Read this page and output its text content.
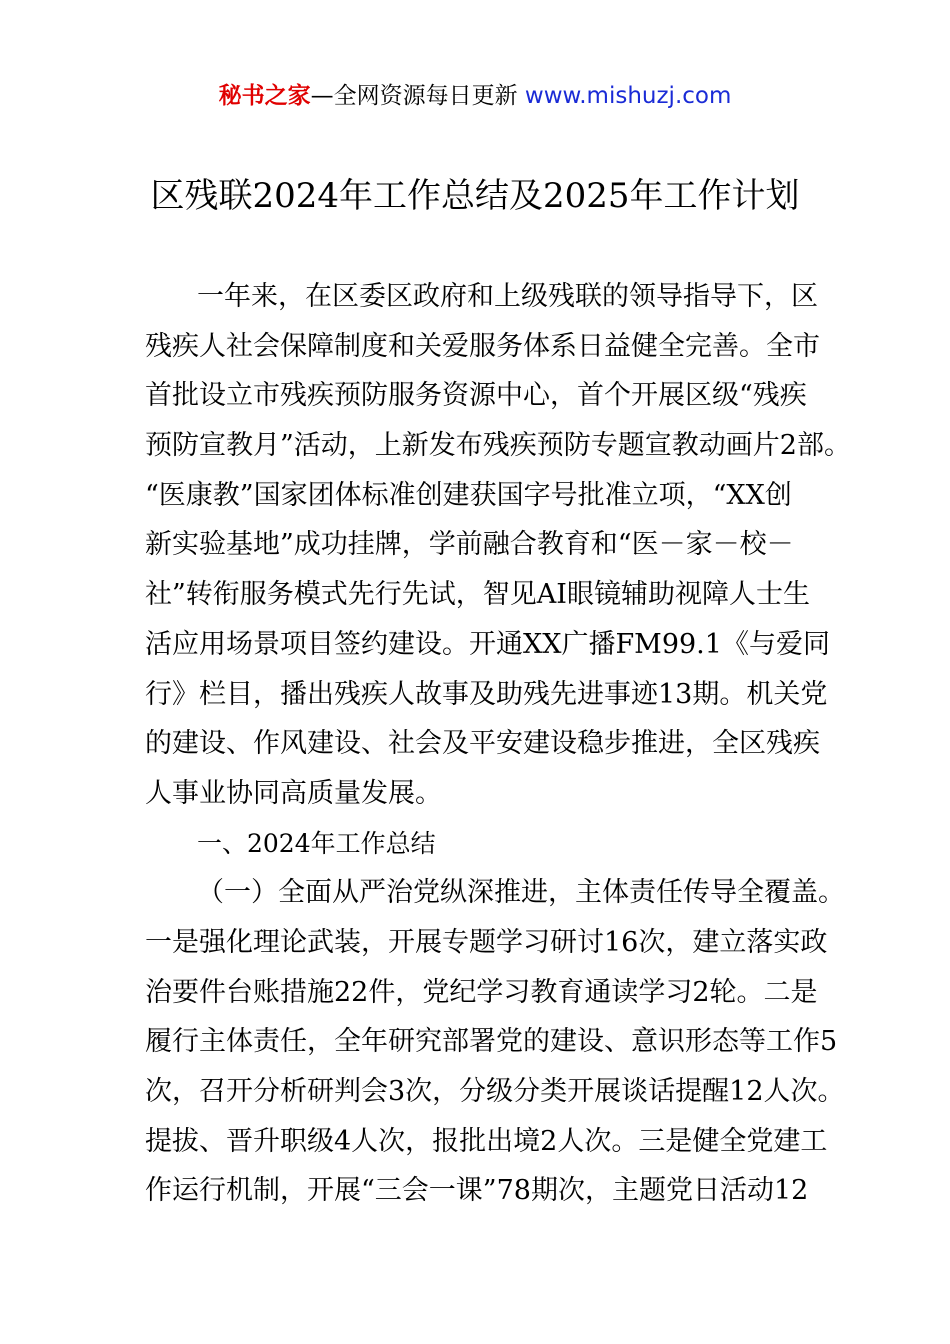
秘书之家—全网资源每日更新 www.mishuzj.com
区残联2024年工作总结及2025年工作计划
一年来，在区委区政府和上级残联的领导指导下，区
残疾人社会保障制度和关爱服务体系日益健全完善。全市
首批设立市残疾预防服务资源中心，首个开展区级“残疾
预防宣教月”活动，上新发布残疾预防专题宣教动画片2部。
“医康教”国家团体标准创建获国字号批准立项，“XX创
新实验基地”成功挂牌，学前融合教育和“医－家－校－
社”转衔服务模式先行先试，智见AI眼镜辅助视障人士生
活应用场景项目签约建设。开通XX广播FM99.1《与爱同
行》栏目，播出残疾人故事及助残先进事迹13期。机关党
的建设、作风建设、社会及平安建设稳步推进，全区残疾
人事业协同高质量发展。
一、2024年工作总结
（一）全面从严治党纵深推进，主体责任传导全覆盖。
一是强化理论武装，开展专题学习研讨16次，建立落实政
治要件台账措施22件，党纪学习教育通读学习2轮。二是
履行主体责任，全年研究部署党的建设、意识形态等工作5
次，召开分析研判会3次，分级分类开展谈话提醒12人次。
提拔、晋升职级4人次，报批出境2人次。三是健全党建工
作运行机制，开展“三会一课”78期次，主题党日活动12
